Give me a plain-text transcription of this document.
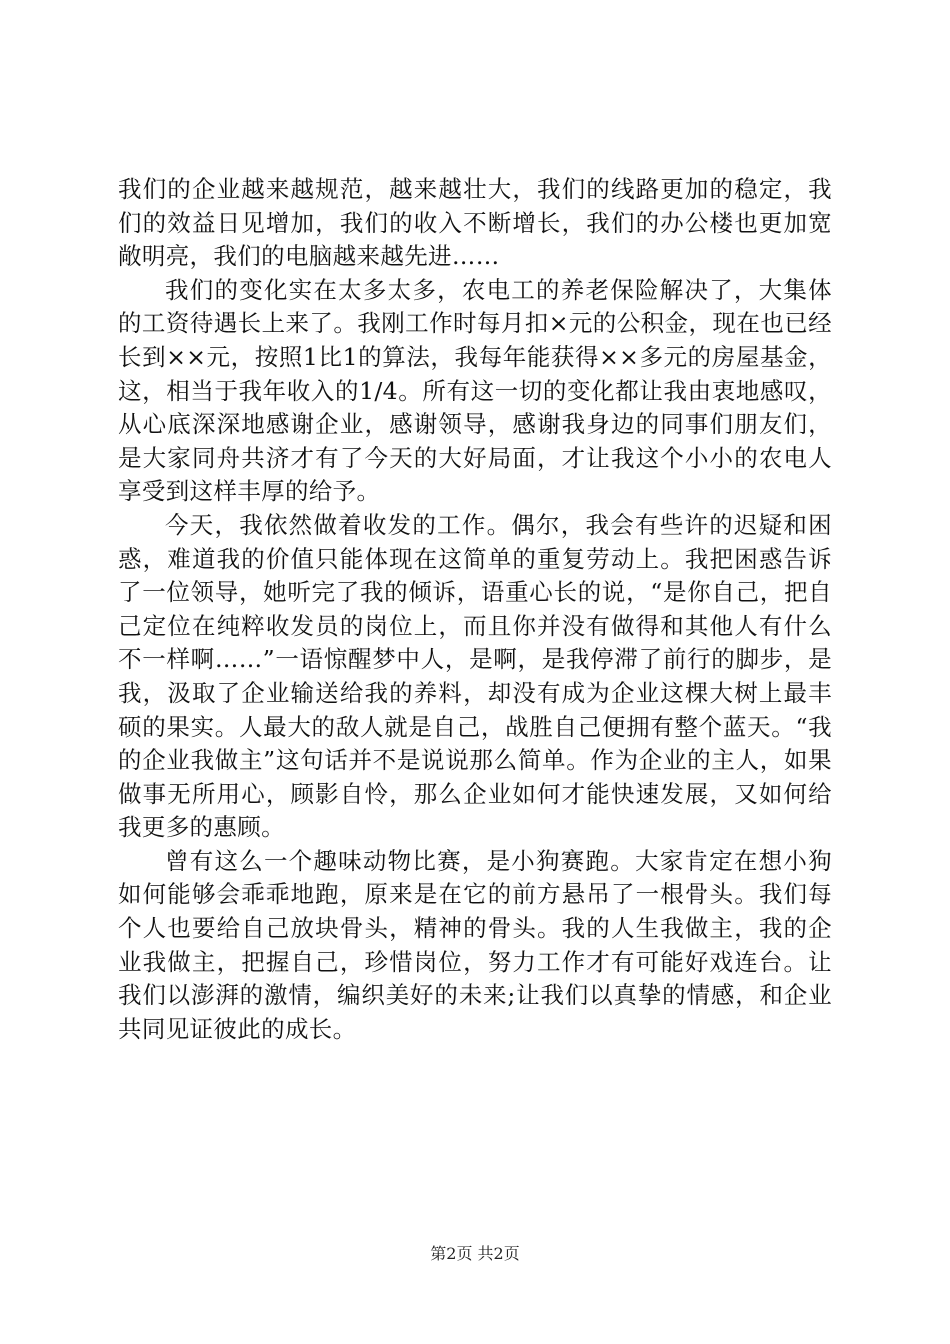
我们的企业越来越规范，越来越壮大，我们的线路更加的稳定，我们的效益日见增加，我们的收入不断增长，我们的办公楼也更加宽敞明亮，我们的电脑越来越先进……

我们的变化实在太多太多，农电工的养老保险解决了，大集体的工资待遇长上来了。我刚工作时每月扣×元的公积金，现在也已经长到××元，按照1比1的算法，我每年能获得××多元的房屋基金，这，相当于我年收入的1/4。所有这一切的变化都让我由衷地感叹，从心底深深地感谢企业，感谢领导，感谢我身边的同事们朋友们，是大家同舟共济才有了今天的大好局面，才让我这个小小的农电人享受到这样丰厚的给予。

今天，我依然做着收发的工作。偶尔，我会有些许的迟疑和困惑，难道我的价值只能体现在这简单的重复劳动上。我把困惑告诉了一位领导，她听完了我的倾诉，语重心长的说，“是你自己，把自己定位在纯粹收发员的岗位上，而且你并没有做得和其他人有什么不一样啊……”一语惊醒梦中人，是啊，是我停滞了前行的脚步，是我，汲取了企业输送给我的养料，却没有成为企业这棵大树上最丰硕的果实。人最大的敌人就是自己，战胜自己便拥有整个蓝天。“我的企业我做主”这句话并不是说说那么简单。作为企业的主人，如果做事无所用心，顾影自怜，那么企业如何才能快速发展，又如何给我更多的惠顾。

曾有这么一个趣味动物比赛，是小狗赛跑。大家肯定在想小狗如何能够会乖乖地跑，原来是在它的前方悬吊了一根骨头。我们每个人也要给自己放块骨头，精神的骨头。我的人生我做主，我的企业我做主，把握自己，珍惜岗位，努力工作才有可能好戏连台。让我们以澎湃的激情，编织美好的未来;让我们以真挚的情感，和企业共同见证彼此的成长。

第2页 共2页
